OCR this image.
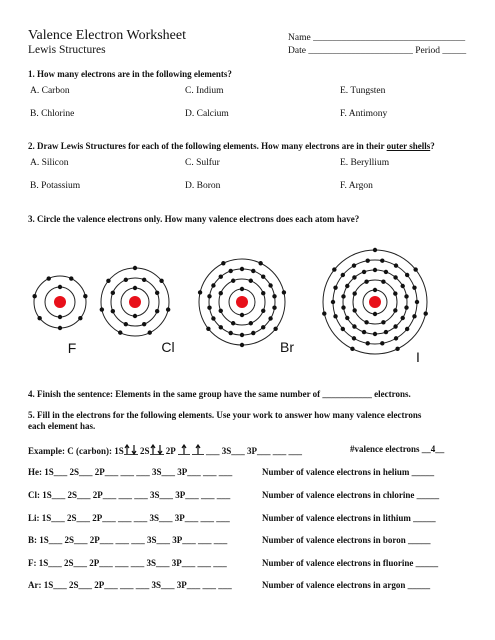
Valence Electron Worksheet
Lewis Structures
Name ________________________________
Date ______________________ Period _____
1. How many electrons are in the following elements?
A. Carbon	C. Indium	E. Tungsten
B. Chlorine	D. Calcium	F. Antimony
2. Draw Lewis Structures for each of the following elements. How many electrons are in their outer shells?
A. Silicon	C. Sulfur	E. Beryllium
B. Potassium	D. Boron	F. Argon
3. Circle the valence electrons only. How many valence electrons does each atom have?
F	Cl	Br
I
4. Finish the sentence: Elements in the same group have the same number of ___________ electrons.
5. Fill in the electrons for the following elements. Use your work to answer how many valence electrons
each element has.
Example: C (carbon): 1S 2S 2P	___ 3S___ 3P___ ___ ___	#valence electrons __4__
He: 1S___ 2S___ 2P___ ___ ___ 3S___ 3P___ ___ ___	Number of valence electrons in helium _____
Cl: 1S___ 2S___ 2P___ ___ ___ 3S___ 3P___ ___ ___	Number of valence electrons in chlorine _____
Li: 1S___ 2S___ 2P___ ___ ___ 3S___ 3P___ ___ ___	Number of valence electrons in lithium _____
B: 1S___ 2S___ 2P___ ___ ___ 3S___ 3P___ ___ ___	Number of valence electrons in boron _____
F: 1S___ 2S___ 2P___ ___ ___ 3S___ 3P___ ___ ___	Number of valence electrons in fluorine _____
Ar: 1S___ 2S___ 2P___ ___ ___ 3S___ 3P___ ___ ___	Number of valence electrons in argon _____
